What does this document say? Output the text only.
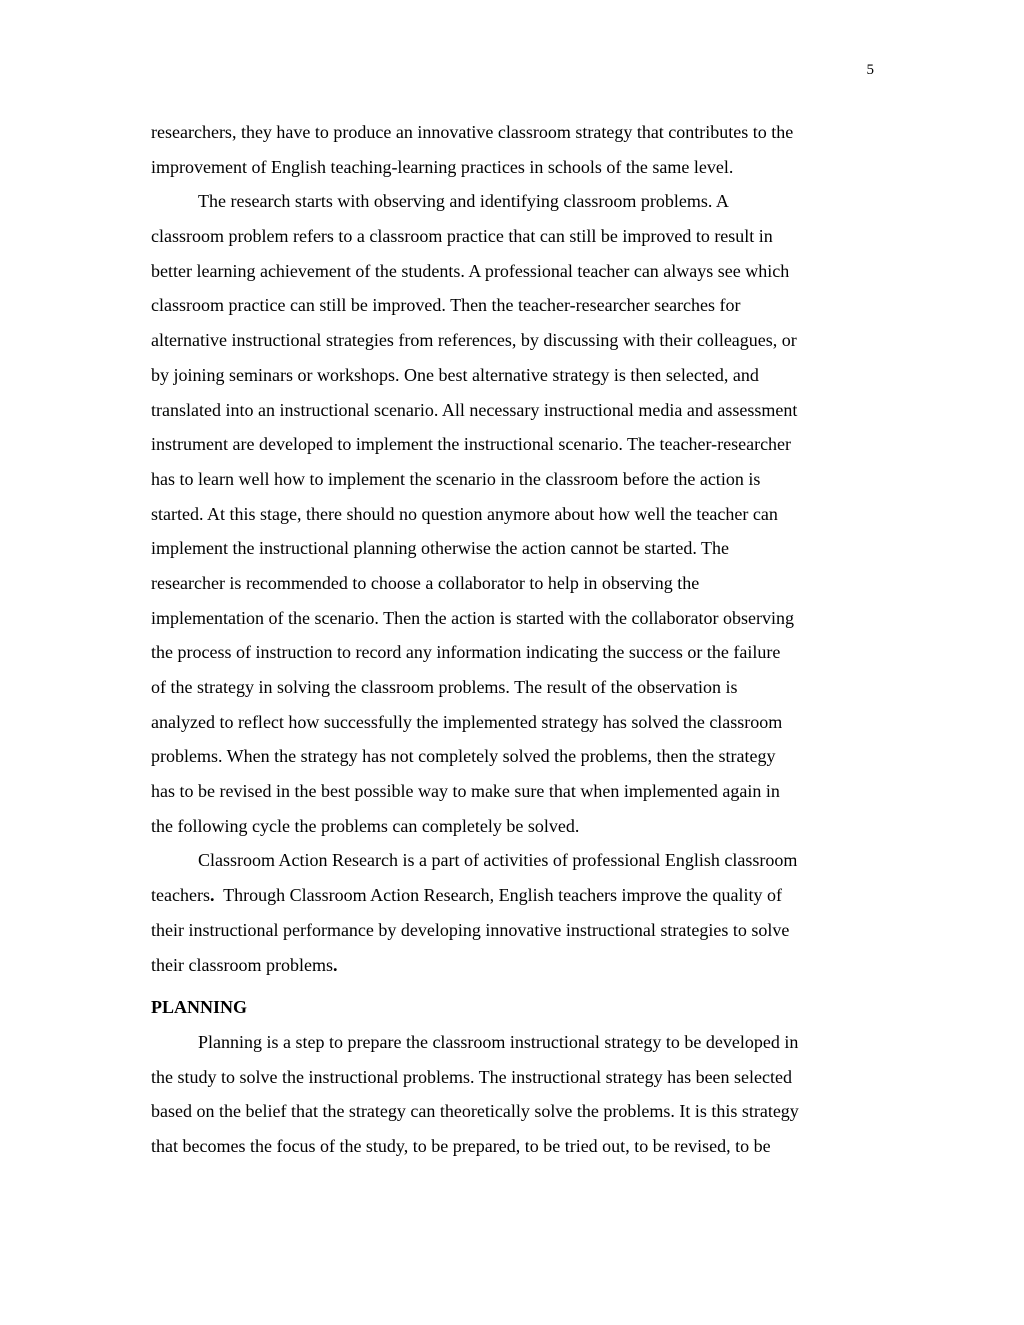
5
researchers, they have to produce an innovative classroom strategy that contributes to the
improvement of English teaching-learning practices in schools of the same level.
The research starts with observing and identifying classroom problems. A
classroom problem refers to a classroom practice that can still be improved to result in
better learning achievement of the students. A professional teacher can always see which
classroom practice can still be improved. Then the teacher-researcher searches for
alternative instructional strategies from references, by discussing with their colleagues, or
by joining seminars or workshops. One best alternative strategy is then selected, and
translated into an instructional scenario. All necessary instructional media and assessment
instrument are developed to implement the instructional scenario. The teacher-researcher
has to learn well how to implement the scenario in the classroom before the action is
started. At this stage, there should no question anymore about how well the teacher can
implement the instructional planning otherwise the action cannot be started. The
researcher is recommended to choose a collaborator to help in observing the
implementation of the scenario. Then the action is started with the collaborator observing
the process of instruction to record any information indicating the success or the failure
of the strategy in solving the classroom problems. The result of the observation is
analyzed to reflect how successfully the implemented strategy has solved the classroom
problems. When the strategy has not completely solved the problems, then the strategy
has to be revised in the best possible way to make sure that when implemented again in
the following cycle the problems can completely be solved.
Classroom Action Research is a part of activities of professional English classroom
teachers.  Through Classroom Action Research, English teachers improve the quality of
their instructional performance by developing innovative instructional strategies to solve
their classroom problems.
PLANNING
Planning is a step to prepare the classroom instructional strategy to be developed in
the study to solve the instructional problems. The instructional strategy has been selected
based on the belief that the strategy can theoretically solve the problems. It is this strategy
that becomes the focus of the study, to be prepared, to be tried out, to be revised, to be
